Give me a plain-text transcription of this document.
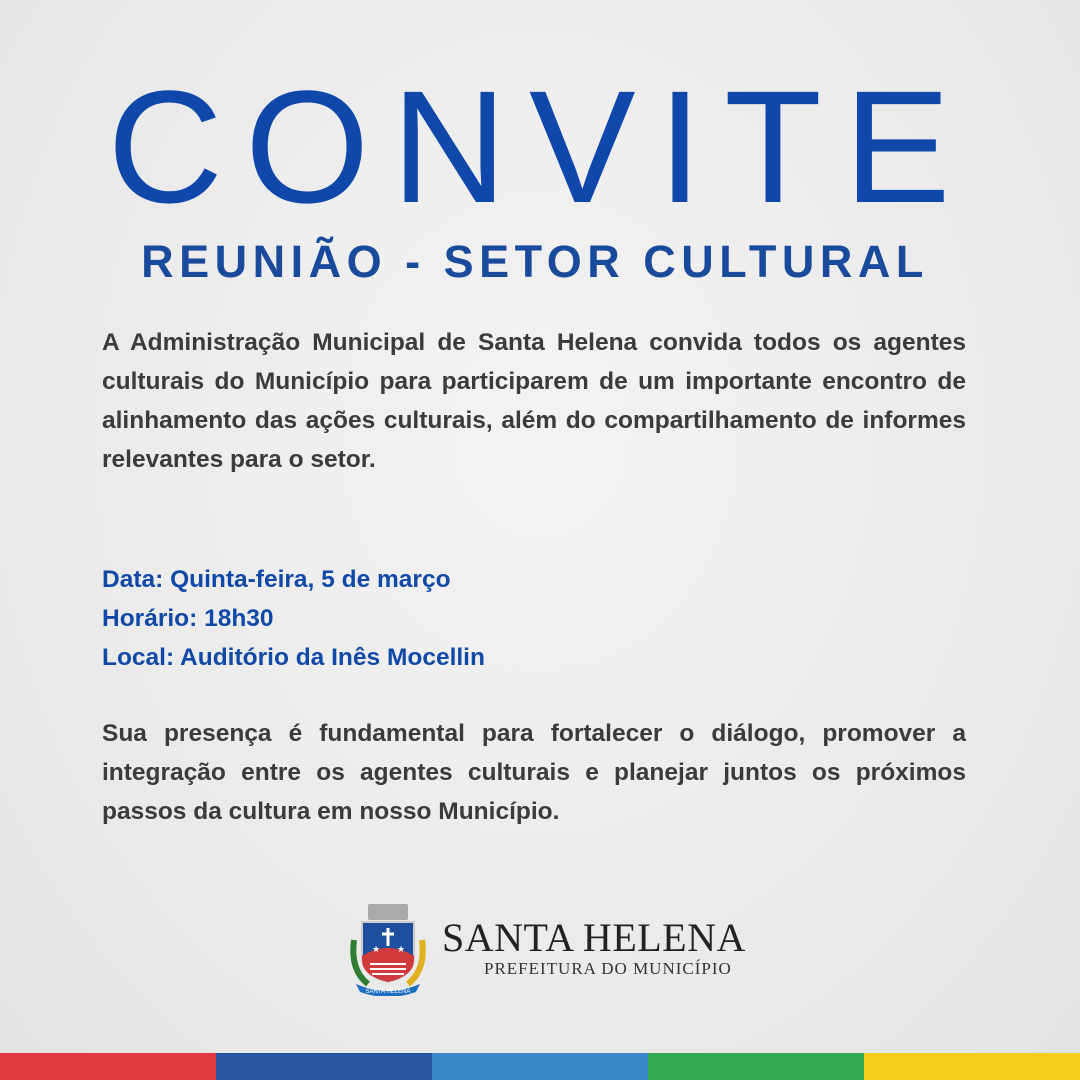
CONVITE
REUNIÃO - SETOR CULTURAL

A Administração Municipal de Santa Helena convida todos os agentes culturais do Município para participarem de um importante encontro de alinhamento das ações culturais, além do compartilhamento de informes relevantes para o setor.

Data: Quinta-feira, 5 de março
Horário: 18h30
Local: Auditório da Inês Mocellin

Sua presença é fundamental para fortalecer o diálogo, promover a integração entre os agentes culturais e planejar juntos os próximos passos da cultura em nosso Município.

★ ★
SANTA HELENA
SANTA HELENA
PREFEITURA DO MUNICÍPIO
